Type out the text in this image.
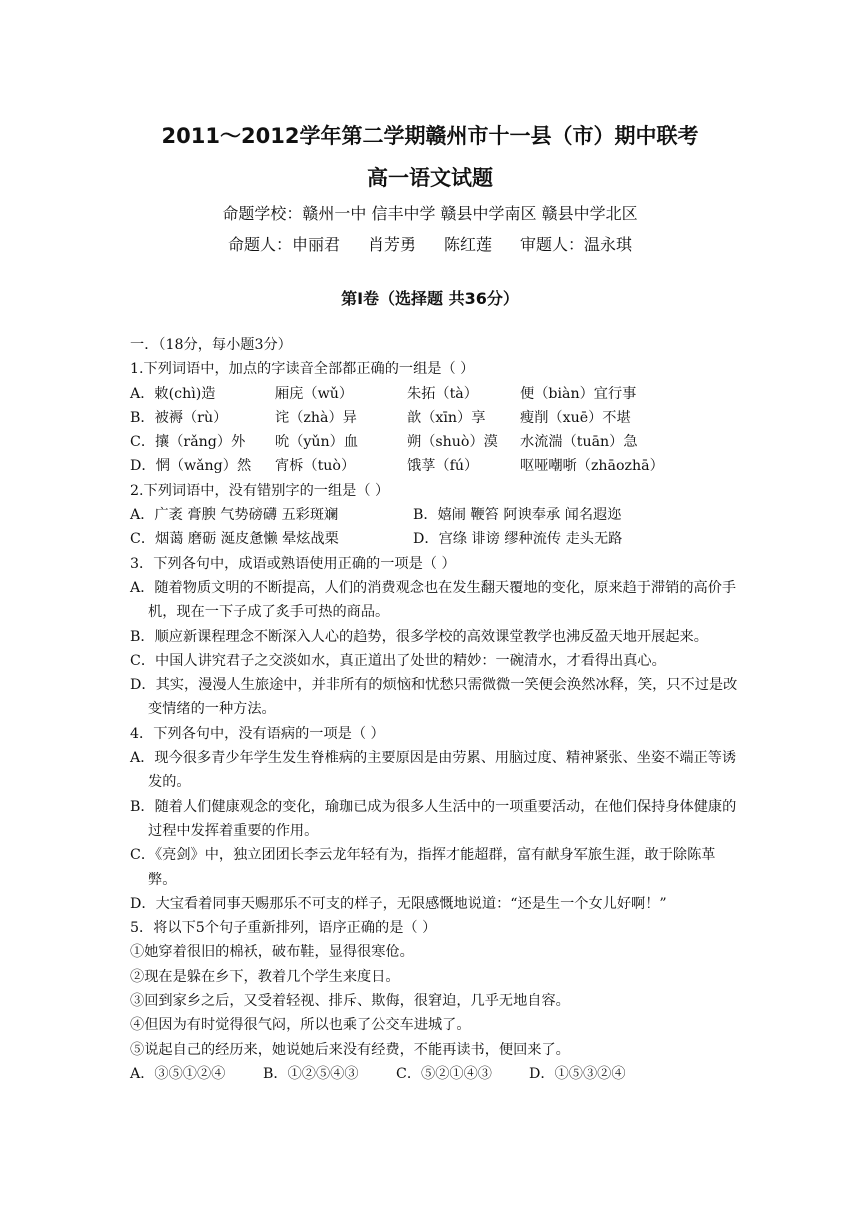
2011～2012学年第二学期赣州市十一县（市）期中联考
高一语文试题
命题学校：赣州一中 信丰中学 赣县中学南区 赣县中学北区
命题人：申丽君 肖芳勇 陈红莲 审题人：温永琪
第Ⅰ卷（选择题 共36分）
一．（18分，每小题3分）
1.下列词语中，加点的字读音全部都正确的一组是（ ）
A．敕(chì)造	厢庑（wǔ）	朱拓（tà）	便（biàn）宜行事
B．被褥（rù）	诧（zhà）异	歆（xīn）享	瘦削（xuē）不堪
C．攘（rǎng）外	吮（yǔn）血	朔（shuò）漠	水流湍（tuān）急
D．惘（wǎng）然	宵柝（tuò）	饿莩（fú）	呕哑嘲哳（zhāozhā）
2.下列词语中，没有错别字的一组是（ ）
A．广袤 膏腴 气势磅礴 五彩斑斓	B．嬉闹 鞭笞 阿谀奉承 闻名遐迩
C．烟蔼 磨砺 涎皮惫懒 晕炫战栗	D．宫绦 诽谤 缪种流传 走头无路
3．下列各句中，成语或熟语使用正确的一项是（ ）
A．随着物质文明的不断提高，人们的消费观念也在发生翻天覆地的变化，原来趋于滞销的高价手机，现在一下子成了炙手可热的商品。
B．顺应新课程理念不断深入人心的趋势，很多学校的高效课堂教学也沸反盈天地开展起来。
C．中国人讲究君子之交淡如水，真正道出了处世的精妙：一碗清水，才看得出真心。
D．其实，漫漫人生旅途中，并非所有的烦恼和忧愁只需微微一笑便会涣然冰释，笑，只不过是改变情绪的一种方法。
4．下列各句中，没有语病的一项是（ ）
A．现今很多青少年学生发生脊椎病的主要原因是由劳累、用脑过度、精神紧张、坐姿不端正等诱发的。
B．随着人们健康观念的变化，瑜珈已成为很多人生活中的一项重要活动，在他们保持身体健康的过程中发挥着重要的作用。
C．《亮剑》中，独立团团长李云龙年轻有为，指挥才能超群，富有献身军旅生涯，敢于除陈革弊。
D．大宝看着同事天赐那乐不可支的样子，无限感慨地说道：“还是生一个女儿好啊！”
5．将以下5个句子重新排列，语序正确的是（ ）
①她穿着很旧的棉袄，破布鞋，显得很寒伧。
②现在是躲在乡下，教着几个学生来度日。
③回到家乡之后，又受着轻视、排斥、欺侮，很窘迫，几乎无地自容。
④但因为有时觉得很气闷，所以也乘了公交车进城了。
⑤说起自己的经历来，她说她后来没有经费，不能再读书，便回来了。
A．③⑤①②④	B．①②⑤④③	C．⑤②①④③	D．①⑤③②④
